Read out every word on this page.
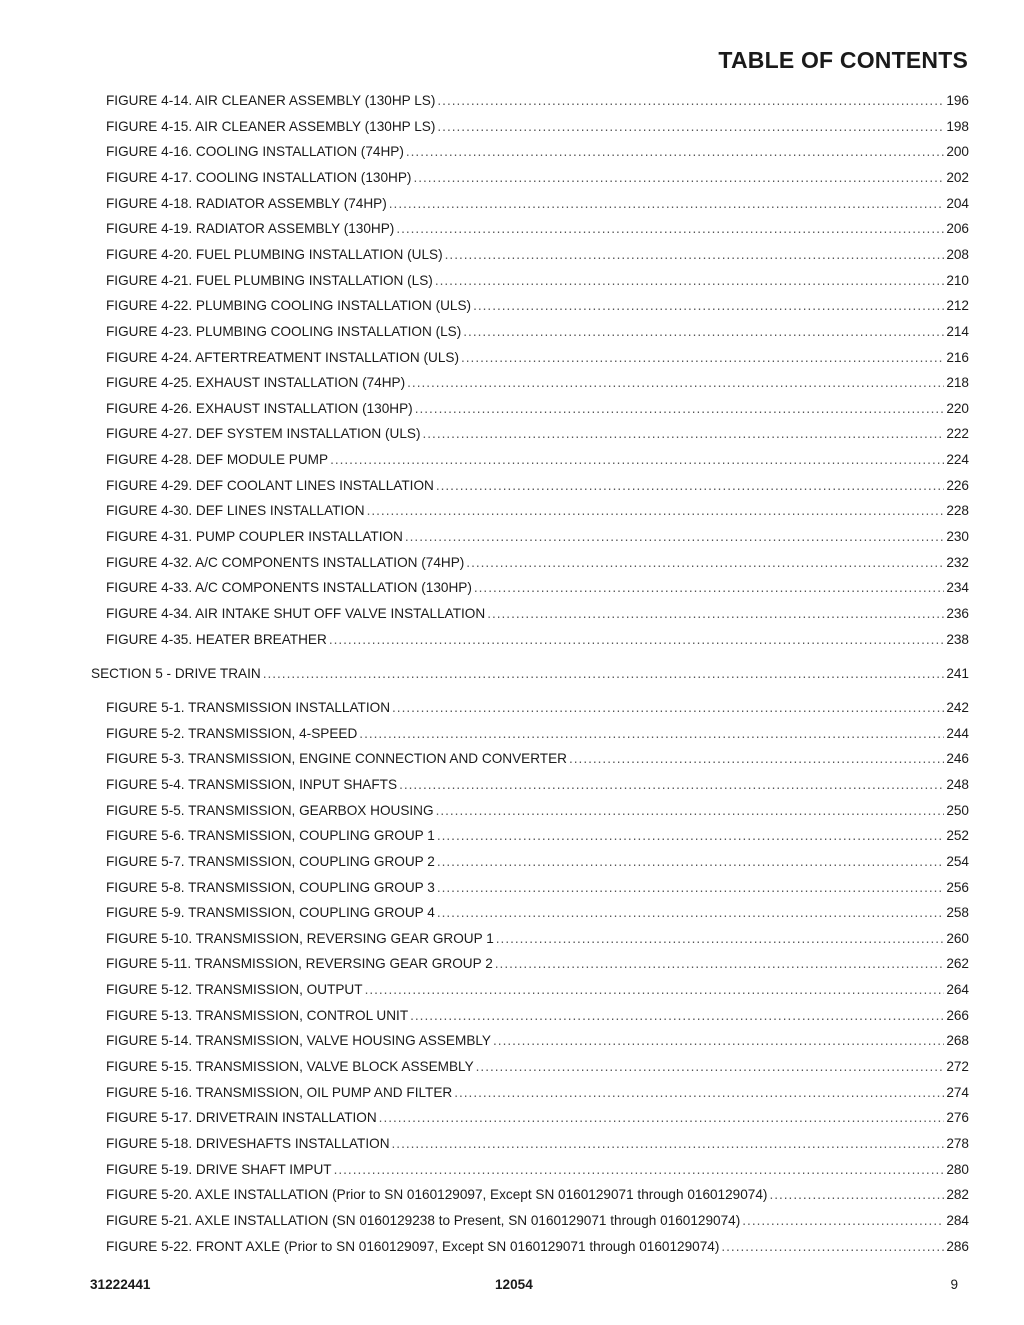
TABLE OF CONTENTS
FIGURE 4-14. AIR CLEANER ASSEMBLY (130HP LS) .....	196
FIGURE 4-15. AIR CLEANER ASSEMBLY (130HP LS) .....	198
FIGURE 4-16. COOLING INSTALLATION (74HP) .....	200
FIGURE 4-17. COOLING INSTALLATION (130HP) .....	202
FIGURE 4-18. RADIATOR ASSEMBLY (74HP) .....	204
FIGURE 4-19. RADIATOR ASSEMBLY (130HP) .....	206
FIGURE 4-20. FUEL PLUMBING INSTALLATION (ULS) .....	208
FIGURE 4-21. FUEL PLUMBING INSTALLATION (LS) .....	210
FIGURE 4-22. PLUMBING COOLING INSTALLATION (ULS) .....	212
FIGURE 4-23. PLUMBING COOLING INSTALLATION (LS) .....	214
FIGURE 4-24. AFTERTREATMENT INSTALLATION (ULS) .....	216
FIGURE 4-25. EXHAUST INSTALLATION (74HP) .....	218
FIGURE 4-26. EXHAUST INSTALLATION (130HP) .....	220
FIGURE 4-27. DEF SYSTEM INSTALLATION (ULS) .....	222
FIGURE 4-28. DEF MODULE PUMP .....	224
FIGURE 4-29. DEF COOLANT LINES INSTALLATION .....	226
FIGURE 4-30. DEF LINES INSTALLATION .....	228
FIGURE 4-31. PUMP COUPLER INSTALLATION .....	230
FIGURE 4-32. A/C COMPONENTS INSTALLATION (74HP) .....	232
FIGURE 4-33. A/C COMPONENTS INSTALLATION (130HP) .....	234
FIGURE 4-34. AIR INTAKE SHUT OFF VALVE INSTALLATION .....	236
FIGURE 4-35. HEATER BREATHER .....	238
SECTION 5 - DRIVE TRAIN .....	241
FIGURE 5-1. TRANSMISSION INSTALLATION .....	242
FIGURE 5-2. TRANSMISSION, 4-SPEED .....	244
FIGURE 5-3. TRANSMISSION, ENGINE CONNECTION AND CONVERTER .....	246
FIGURE 5-4. TRANSMISSION, INPUT SHAFTS .....	248
FIGURE 5-5. TRANSMISSION, GEARBOX HOUSING .....	250
FIGURE 5-6. TRANSMISSION, COUPLING GROUP 1 .....	252
FIGURE 5-7. TRANSMISSION, COUPLING GROUP 2 .....	254
FIGURE 5-8. TRANSMISSION, COUPLING GROUP 3 .....	256
FIGURE 5-9. TRANSMISSION, COUPLING GROUP 4 .....	258
FIGURE 5-10. TRANSMISSION, REVERSING GEAR GROUP 1 .....	260
FIGURE 5-11. TRANSMISSION, REVERSING GEAR GROUP 2 .....	262
FIGURE 5-12. TRANSMISSION, OUTPUT .....	264
FIGURE 5-13. TRANSMISSION, CONTROL UNIT .....	266
FIGURE 5-14. TRANSMISSION, VALVE HOUSING ASSEMBLY .....	268
FIGURE 5-15. TRANSMISSION, VALVE BLOCK ASSEMBLY .....	272
FIGURE 5-16. TRANSMISSION, OIL PUMP AND FILTER .....	274
FIGURE 5-17. DRIVETRAIN INSTALLATION .....	276
FIGURE 5-18. DRIVESHAFTS INSTALLATION .....	278
FIGURE 5-19. DRIVE SHAFT IMPUT .....	280
FIGURE 5-20. AXLE INSTALLATION (Prior to SN 0160129097, Except SN 0160129071 through 0160129074) .....	282
FIGURE 5-21. AXLE INSTALLATION (SN 0160129238 to Present, SN 0160129071 through 0160129074) .....	284
FIGURE 5-22. FRONT AXLE (Prior to SN 0160129097, Except SN 0160129071 through 0160129074) .....	286
31222441	12054	9
